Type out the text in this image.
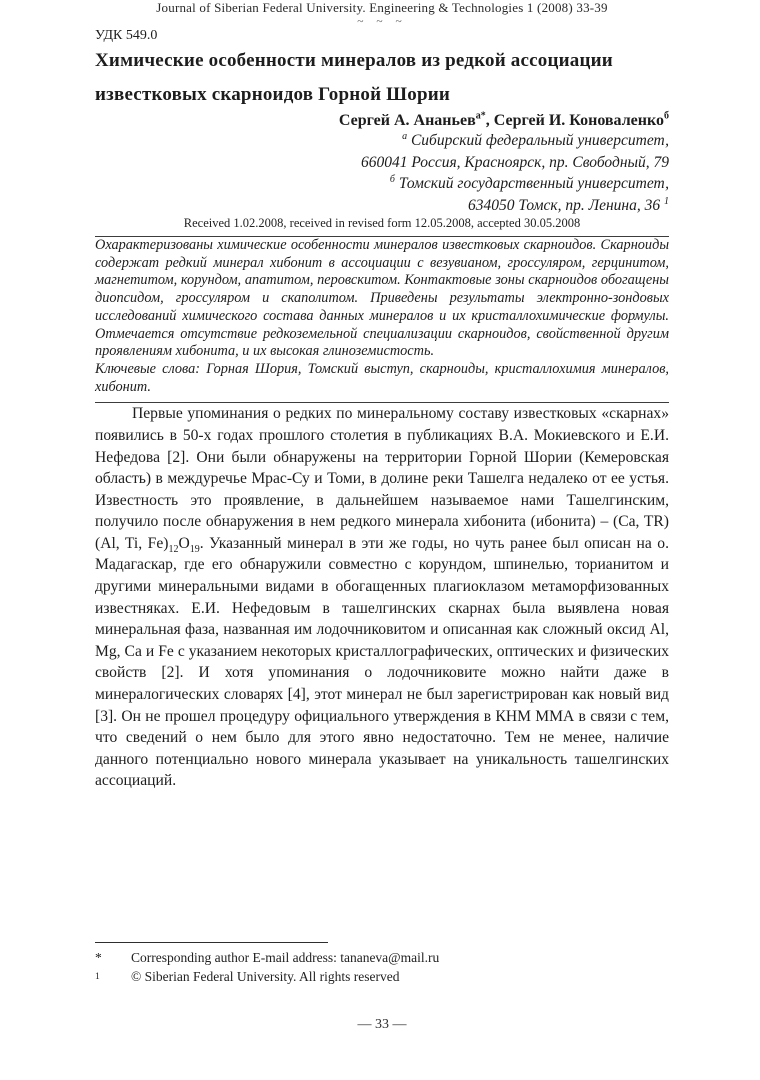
Journal of Siberian Federal University. Engineering & Technologies 1 (2008) 33-39

~ ~ ~

УДК 549.0

Химические особенности минералов из редкой ассоциации известковых скарноидов Горной Шории

Сергей А. Ананьев$^{а*}$, Сергей И. Коноваленко$^б$

$^а$ Сибирский федеральный университет,

660041 Россия, Красноярск, пр. Свободный, 79

$^б$ Томский государственный университет,

634050 Томск, пр. Ленина, 36 $^1$

Received 1.02.2008, received in revised form 12.05.2008, accepted 30.05.2008

Охарактеризованы химические особенности минералов известковых скарноидов. Скарноиды содержат редкий минерал хибонит в ассоциации с везувианом, гроссуляром, герцинитом, магнетитом, корундом, апатитом, перовскитом. Контактовые зоны скарноидов обогащены диопсидом, гроссуляром и скаполитом. Приведены результаты электронно-зондовых исследований химического состава данных минералов и их кристаллохимические формулы. Отмечается отсутствие редкоземельной специализации скарноидов, свойственной другим проявлениям хибонита, и их высокая глиноземистость.

Ключевые слова: Горная Шория, Томский выступ, скарноиды, кристаллохимия минералов, хибонит.

Первые упоминания о редких по минеральному составу известковых «скарнах» появились в 50-х годах прошлого столетия в публикациях В.А. Мокиевского и Е.И. Нефедова [2]. Они были обнаружены на территории Горной Шории (Кемеровская область) в междуречье Мрас-Су и Томи, в долине реки Ташелга недалеко от ее устья. Известность это проявление, в дальнейшем называемое нами Ташелгинским, получило после обнаружения в нем редкого минерала хибонита (ибонита) – (Ca, TR) (Al, Ti, $Fe)_{12}O_{19}$. Указанный минерал в эти же годы, но чуть ранее был описан на о. Мадагаскар, где его обнаружили совместно с корундом, шпинелью, торианитом и другими минеральными видами в обогащенных плагиоклазом метаморфизованных известняках. Е.И. Нефедовым в ташелгинских скарнах была выявлена новая минеральная фаза, названная им лодочниковитом и описанная как сложный оксид Al, Mg, Ca и Fe с указанием некоторых кристаллографических, оптических и физических свойств [2]. И хотя упоминания о лодочниковите можно найти даже в минералогических словарях [4], этот минерал не был зарегистрирован как новый вид [3]. Он не прошел процедуру официального утверждения в КНМ ММА в связи с тем, что сведений о нем было для этого явно недостаточно. Тем не менее, наличие данного потенциально нового минерала указывает на уникальность ташелгинских ассоциаций.

*	Corresponding author E-mail address: tananeva@mail.ru
1	© Siberian Federal University. All rights reserved

— 33 —
